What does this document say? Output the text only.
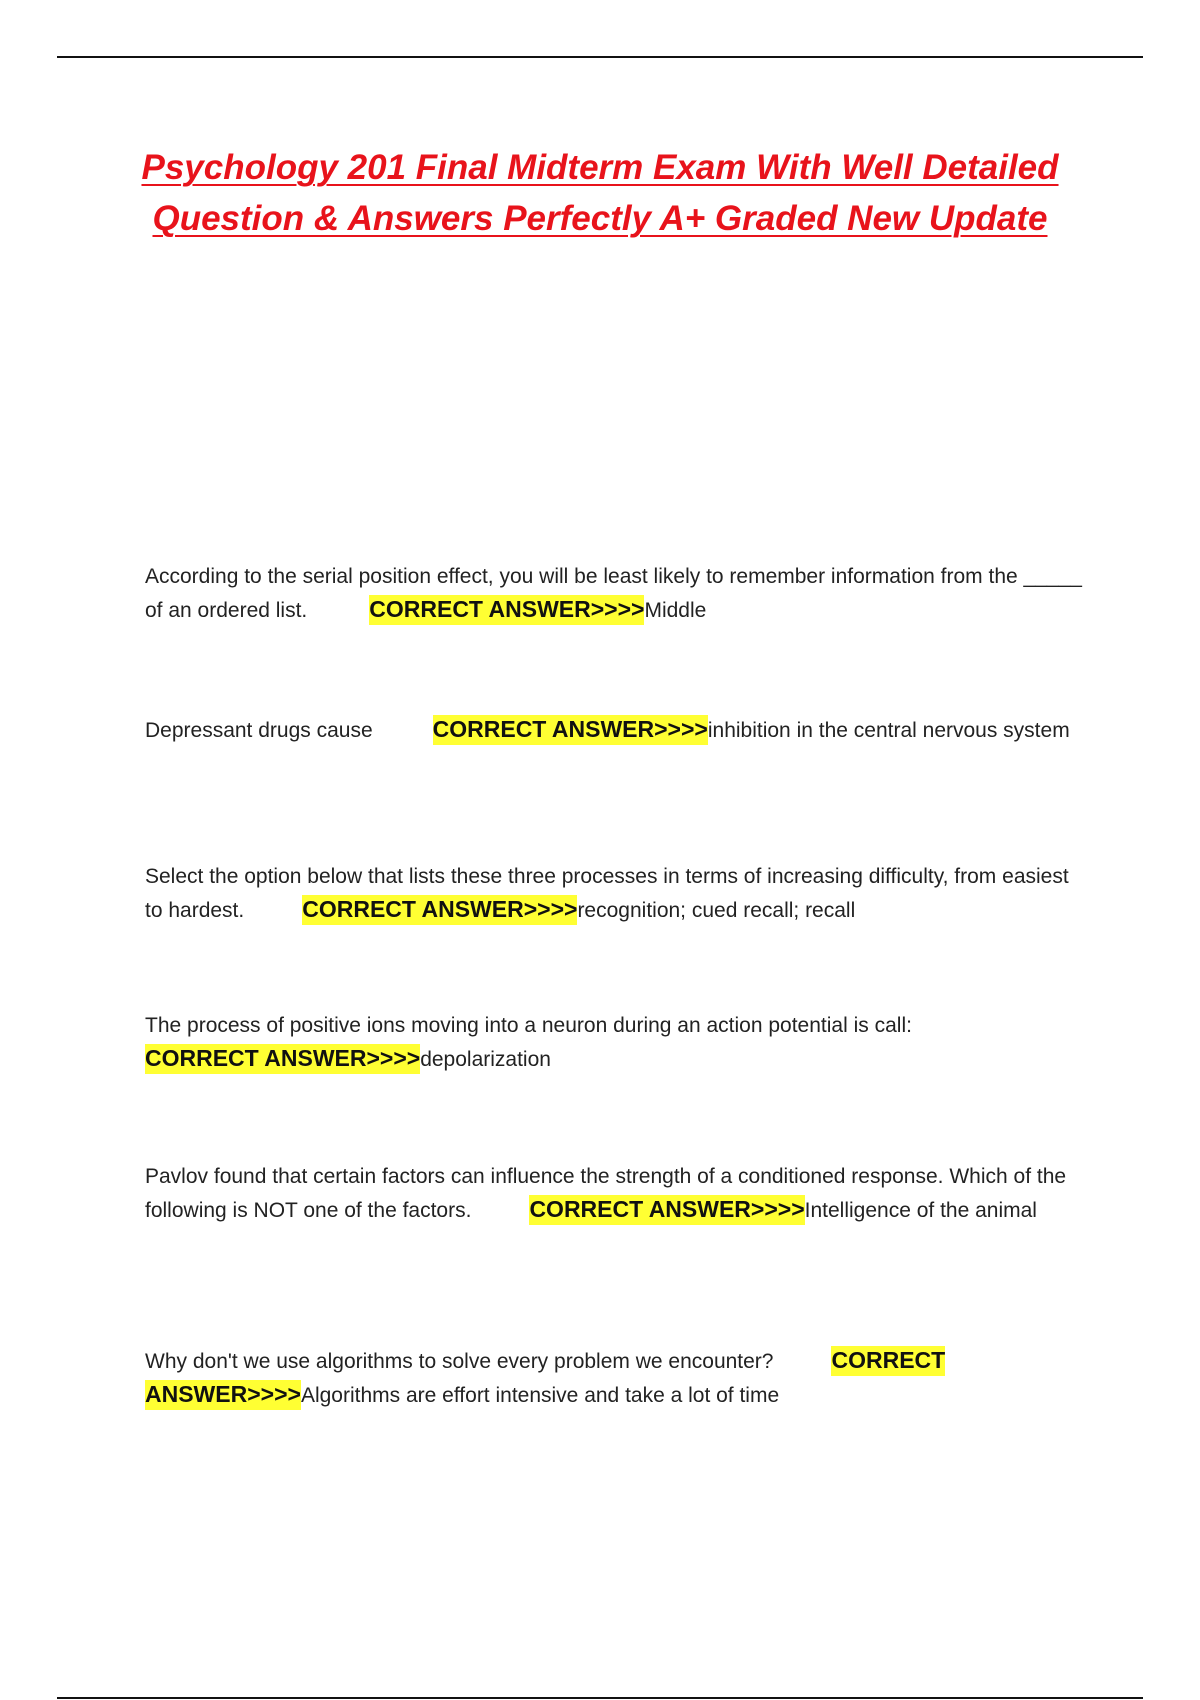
Psychology 201 Final Midterm Exam With Well Detailed
Question & Answers Perfectly A+ Graded New Update
According to the serial position effect, you will be least likely to remember information from the _____ of an ordered list.	CORRECT ANSWER>>>>Middle
Depressant drugs cause	CORRECT ANSWER>>>>inhibition in the central nervous system
Select the option below that lists these three processes in terms of increasing difficulty, from easiest to hardest.	CORRECT ANSWER>>>>recognition; cued recall; recall
The process of positive ions moving into a neuron during an action potential is call:CORRECT ANSWER>>>>depolarization
Pavlov found that certain factors can influence the strength of a conditioned response. Which of the following is NOT one of the factors.	CORRECT ANSWER>>>>Intelligence of the animal
Why don't we use algorithms to solve every problem we encounter?	CORRECT ANSWER>>>>Algorithms are effort intensive and take a lot of time
